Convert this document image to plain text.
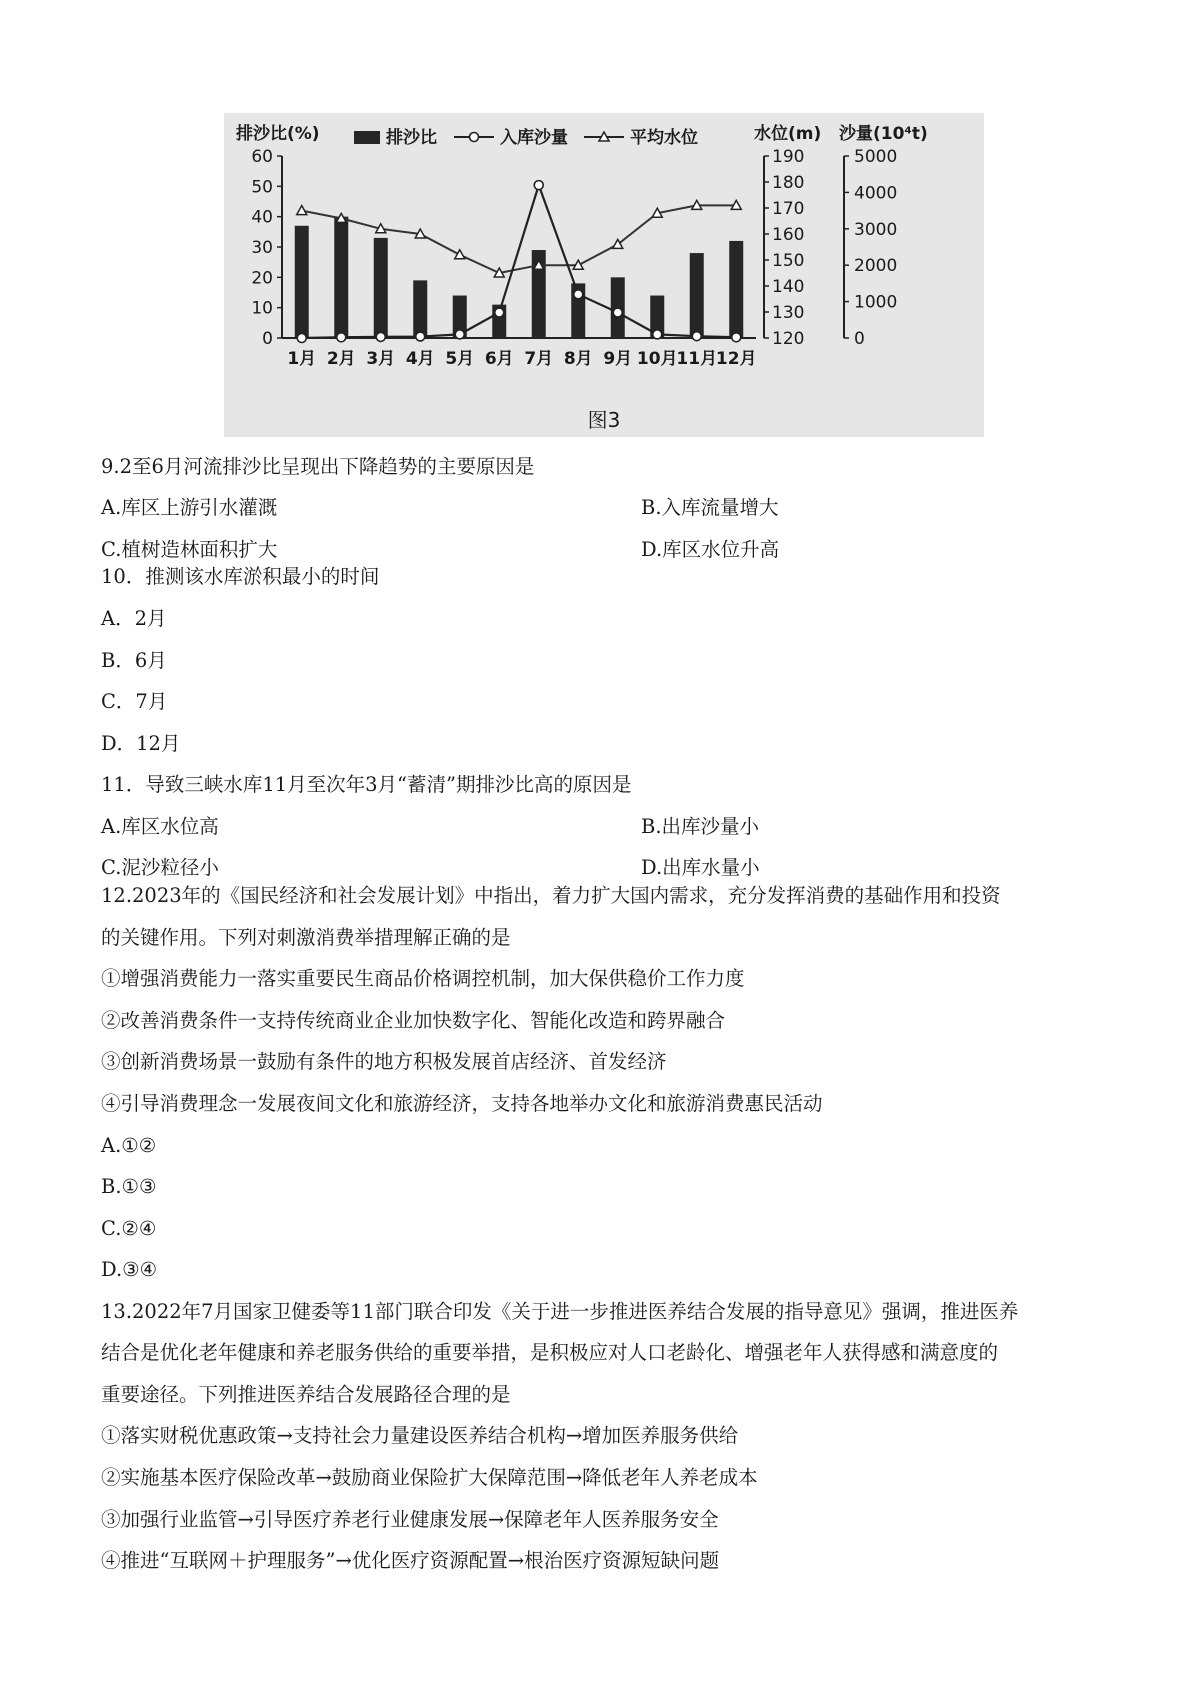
0
10
20
30
40
50
60
排沙比(%)
120
130
140
150
160
170
180
190
水位(m)
0
1000
2000
3000
4000
5000
沙量(10⁴t)
1月 2月 3月 4月 5月 6月 7月 8月 9月 10月
11月
12月
排沙比	入库沙量	平均水位
图3
9.2至6月河流排沙比呈现出下降趋势的主要原因是
A.库区上游引水灌溉	B.入库流量增大
C.植树造林面积扩大	D.库区水位升高
10．推测该水库淤积最小的时间
A．2月
B．6月
C．7月
D．12月
11．导致三峡水库11月至次年3月“蓄清”期排沙比高的原因是
A.库区水位高	B.出库沙量小
C.泥沙粒径小	D.出库水量小
12.2023年的《国民经济和社会发展计划》中指出，着力扩大国内需求，充分发挥消费的基础作用和投资
的关键作用。下列对刺激消费举措理解正确的是
①增强消费能力一落实重要民生商品价格调控机制，加大保供稳价工作力度
②改善消费条件一支持传统商业企业加快数字化、智能化改造和跨界融合
③创新消费场景一鼓励有条件的地方积极发展首店经济、首发经济
④引导消费理念一发展夜间文化和旅游经济，支持各地举办文化和旅游消费惠民活动
A.①②
B.①③
C.②④
D.③④
13.2022年7月国家卫健委等11部门联合印发《关于进一步推进医养结合发展的指导意见》强调，推进医养
结合是优化老年健康和养老服务供给的重要举措，是积极应对人口老龄化、增强老年人获得感和满意度的
重要途径。下列推进医养结合发展路径合理的是
①落实财税优惠政策→支持社会力量建设医养结合机构→增加医养服务供给
②实施基本医疗保险改革→鼓励商业保险扩大保障范围→降低老年人养老成本
③加强行业监管→引导医疗养老行业健康发展→保障老年人医养服务安全
④推进“互联网＋护理服务”→优化医疗资源配置→根治医疗资源短缺问题
